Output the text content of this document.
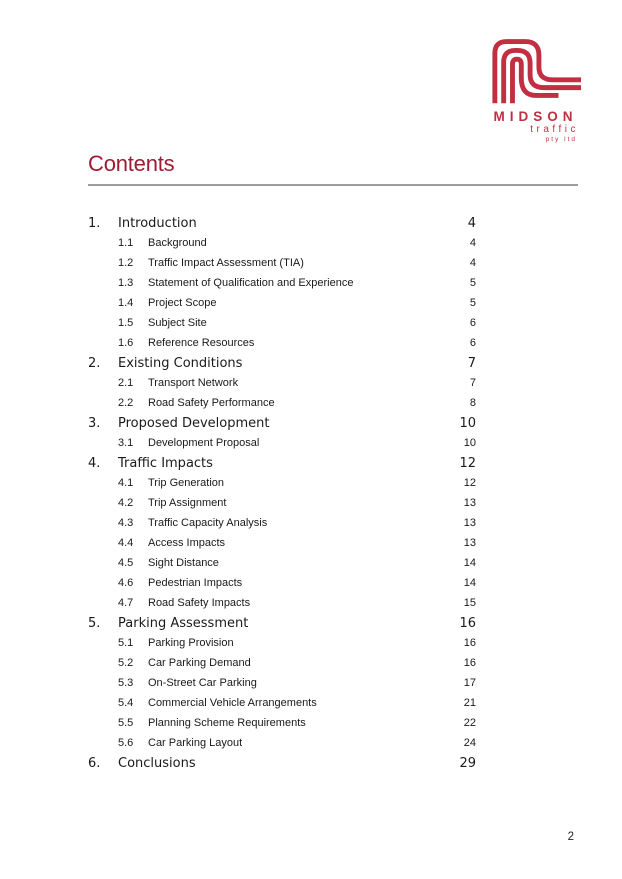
MIDSON
traffic
pty ltd
Contents
1.	Introduction	4
1.1	Background	4
1.2	Traffic Impact Assessment (TIA)	4
1.3	Statement of Qualification and Experience	5
1.4	Project Scope	5
1.5	Subject Site	6
1.6	Reference Resources	6
2.	Existing Conditions	7
2.1	Transport Network	7
2.2	Road Safety Performance	8
3.	Proposed Development	10
3.1	Development Proposal	10
4.	Traffic Impacts	12
4.1	Trip Generation	12
4.2	Trip Assignment	13
4.3	Traffic Capacity Analysis	13
4.4	Access Impacts	13
4.5	Sight Distance	14
4.6	Pedestrian Impacts	14
4.7	Road Safety Impacts	15
5.	Parking Assessment	16
5.1	Parking Provision	16
5.2	Car Parking Demand	16
5.3	On-Street Car Parking	17
5.4	Commercial Vehicle Arrangements	21
5.5	Planning Scheme Requirements	22
5.6	Car Parking Layout	24
6.	Conclusions	29
2
